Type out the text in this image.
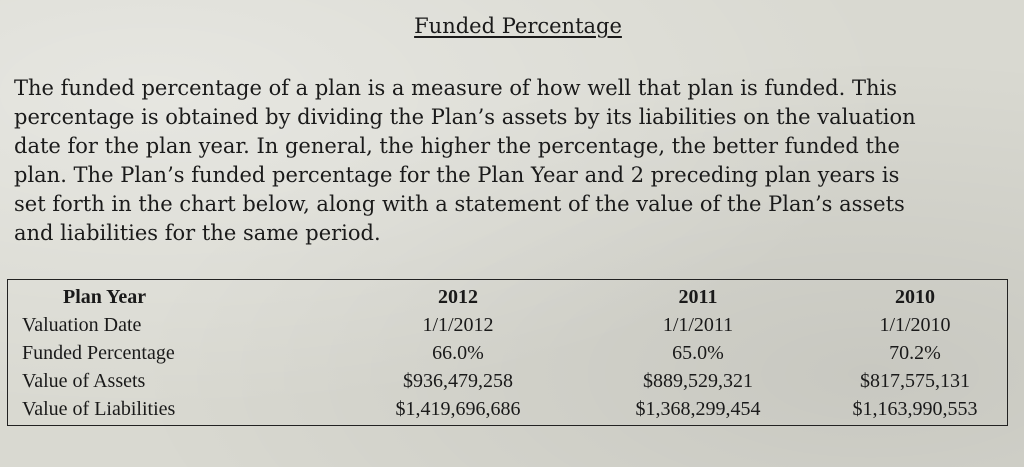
Funded Percentage

The funded percentage of a plan is a measure of how well that plan is funded. This percentage is obtained by dividing the Plan’s assets by its liabilities on the valuation date for the plan year. In general, the higher the percentage, the better funded the plan. The Plan’s funded percentage for the Plan Year and 2 preceding plan years is set forth in the chart below, along with a statement of the value of the Plan’s assets and liabilities for the same period.

Plan Year	2012	2011	2010
Valuation Date	1/1/2012	1/1/2011	1/1/2010
Funded Percentage	66.0%	65.0%	70.2%
Value of Assets	$936,479,258	$889,529,321	$817,575,131
Value of Liabilities	$1,419,696,686	$1,368,299,454	$1,163,990,553
